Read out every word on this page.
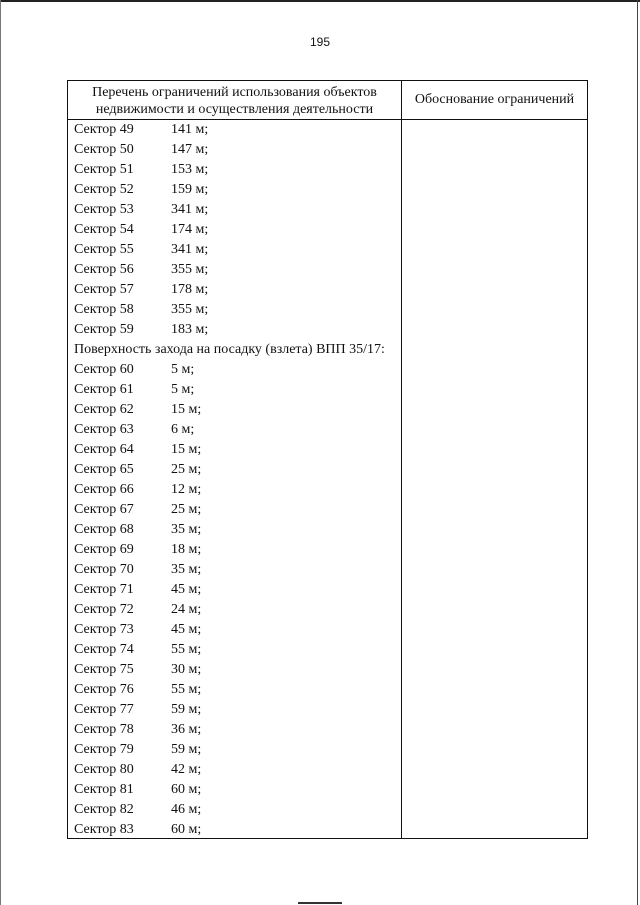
195
Перечень ограничений использования объектов
недвижимости и осуществления деятельности
Обоснование ограничений
Сектор 49	141 м;
Сектор 50	147 м;
Сектор 51	153 м;
Сектор 52	159 м;
Сектор 53	341 м;
Сектор 54	174 м;
Сектор 55	341 м;
Сектор 56	355 м;
Сектор 57	178 м;
Сектор 58	355 м;
Сектор 59	183 м;
Поверхность захода на посадку (взлета) ВПП 35/17:
Сектор 60	5 м;
Сектор 61	5 м;
Сектор 62	15 м;
Сектор 63	6 м;
Сектор 64	15 м;
Сектор 65	25 м;
Сектор 66	12 м;
Сектор 67	25 м;
Сектор 68	35 м;
Сектор 69	18 м;
Сектор 70	35 м;
Сектор 71	45 м;
Сектор 72	24 м;
Сектор 73	45 м;
Сектор 74	55 м;
Сектор 75	30 м;
Сектор 76	55 м;
Сектор 77	59 м;
Сектор 78	36 м;
Сектор 79	59 м;
Сектор 80	42 м;
Сектор 81	60 м;
Сектор 82	46 м;
Сектор 83	60 м;
